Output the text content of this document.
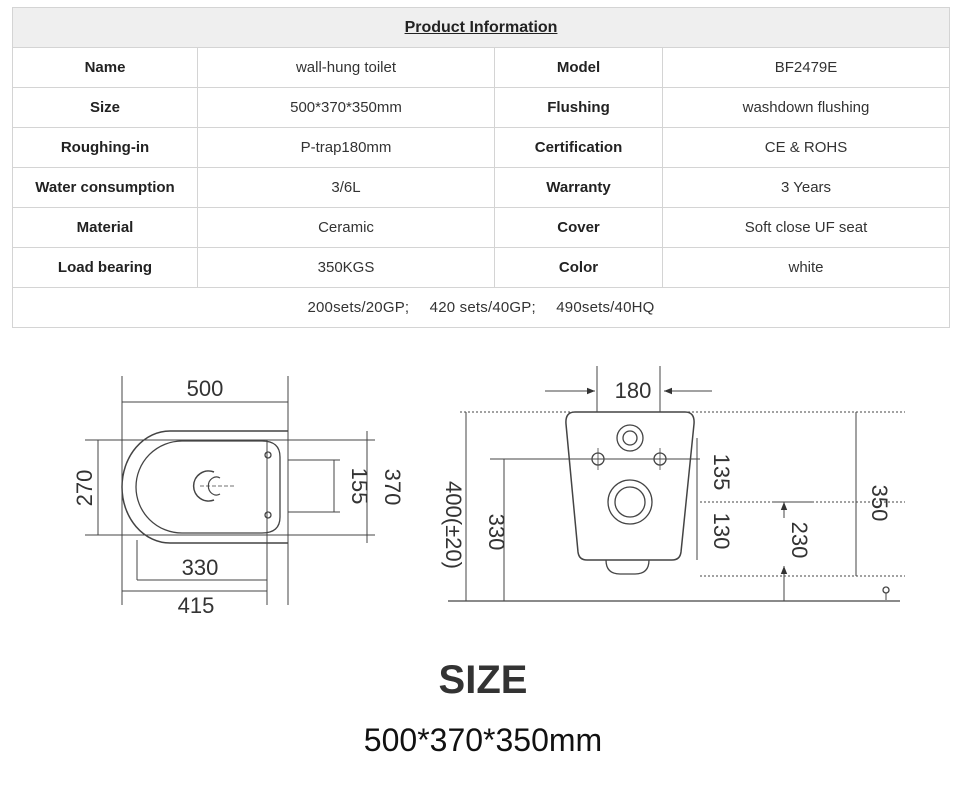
Product Information			
Name	wall-hung toilet	Model	BF2479E
Size	500*370*350mm	Flushing	washdown flushing
Roughing-in	P-trap180mm	Certification	CE & ROHS
Water consumption	3/6L	Warranty	3 Years
Material	Ceramic	Cover	Soft close UF seat
Load bearing	350KGS	Color	white
200sets/20GP; 420 sets/40GP; 490sets/40HQ			
500
330
415
270	155 370
180
135
130 230
350
400(±20) 330
SIZE
500*370*350mm
